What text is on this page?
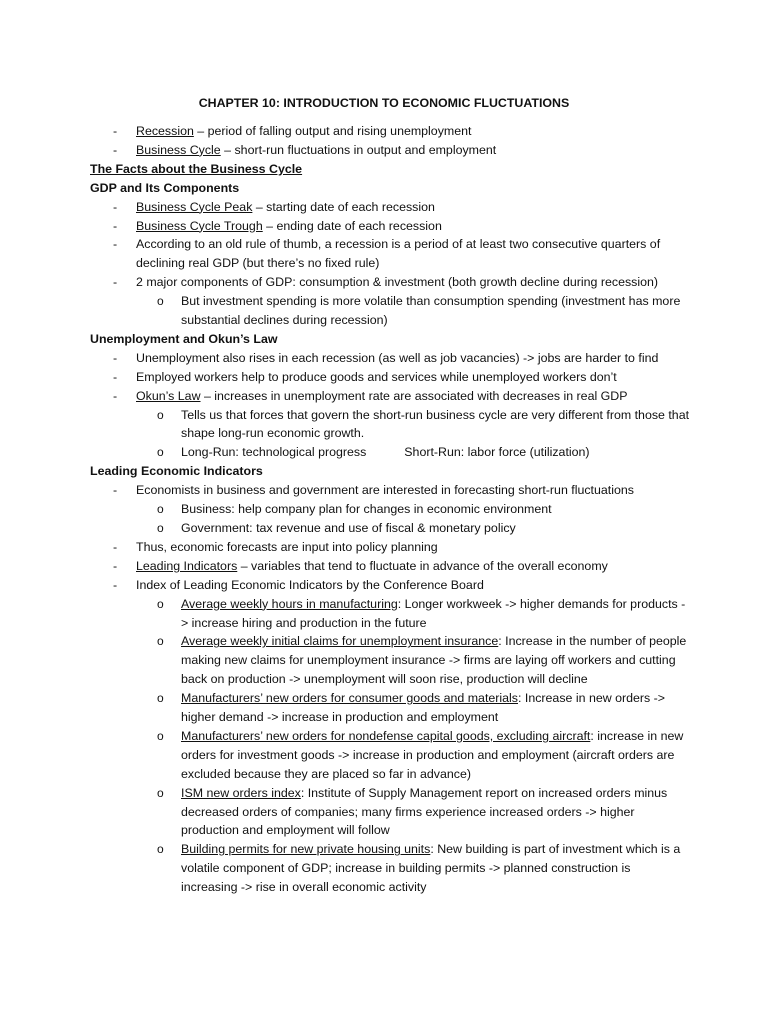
CHAPTER 10: INTRODUCTION TO ECONOMIC FLUCTUATIONS
- Recession – period of falling output and rising unemployment
- Business Cycle – short-run fluctuations in output and employment
The Facts about the Business Cycle
GDP and Its Components
- Business Cycle Peak – starting date of each recession
- Business Cycle Trough – ending date of each recession
- According to an old rule of thumb, a recession is a period of at least two consecutive quarters of declining real GDP (but there’s no fixed rule)
- 2 major components of GDP: consumption & investment (both growth decline during recession)
o But investment spending is more volatile than consumption spending (investment has more substantial declines during recession)
Unemployment and Okun’s Law
- Unemployment also rises in each recession (as well as job vacancies) -> jobs are harder to find
- Employed workers help to produce goods and services while unemployed workers don’t
- Okun’s Law – increases in unemployment rate are associated with decreases in real GDP
o Tells us that forces that govern the short-run business cycle are very different from those that shape long-run economic growth.
o Long-Run: technological progress	Short-Run: labor force (utilization)
Leading Economic Indicators
- Economists in business and government are interested in forecasting short-run fluctuations
o Business: help company plan for changes in economic environment
o Government: tax revenue and use of fiscal & monetary policy
- Thus, economic forecasts are input into policy planning
- Leading Indicators – variables that tend to fluctuate in advance of the overall economy
- Index of Leading Economic Indicators by the Conference Board
o Average weekly hours in manufacturing: Longer workweek -> higher demands for products -> increase hiring and production in the future
o Average weekly initial claims for unemployment insurance: Increase in the number of people making new claims for unemployment insurance -> firms are laying off workers and cutting back on production -> unemployment will soon rise, production will decline
o Manufacturers’ new orders for consumer goods and materials: Increase in new orders -> higher demand -> increase in production and employment
o Manufacturers’ new orders for nondefense capital goods, excluding aircraft: increase in new orders for investment goods -> increase in production and employment (aircraft orders are excluded because they are placed so far in advance)
o ISM new orders index: Institute of Supply Management report on increased orders minus decreased orders of companies; many firms experience increased orders -> higher production and employment will follow
o Building permits for new private housing units: New building is part of investment which is a volatile component of GDP; increase in building permits -> planned construction is increasing -> rise in overall economic activity
